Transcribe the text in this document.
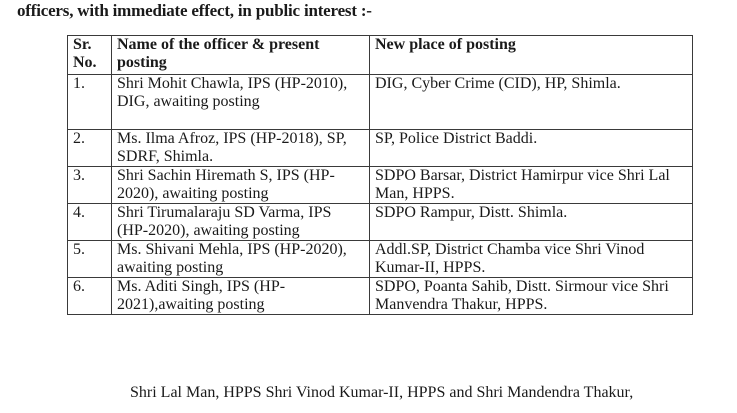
officers, with immediate effect, in public interest :-
Sr. No.	Name of the officer & present posting	New place of posting
1.	Shri Mohit Chawla, IPS (HP-2010), DIG, awaiting posting	DIG, Cyber Crime (CID), HP, Shimla.
2.	Ms. Ilma Afroz, IPS (HP-2018), SP, SDRF, Shimla.	SP, Police District Baddi.
3.	Shri Sachin Hiremath S, IPS (HP-2020), awaiting posting	SDPO Barsar, District Hamirpur vice Shri Lal Man, HPPS.
4.	Shri Tirumalaraju SD Varma, IPS (HP-2020), awaiting posting	SDPO Rampur, Distt. Shimla.
5.	Ms. Shivani Mehla, IPS (HP-2020), awaiting posting	Addl.SP, District Chamba vice Shri Vinod Kumar-II, HPPS.
6.	Ms. Aditi Singh, IPS (HP-2021),awaiting posting	SDPO, Poanta Sahib, Distt. Sirmour vice Shri Manvendra Thakur, HPPS.
Shri Lal Man, HPPS Shri Vinod Kumar-II, HPPS and Shri Mandendra Thakur,
